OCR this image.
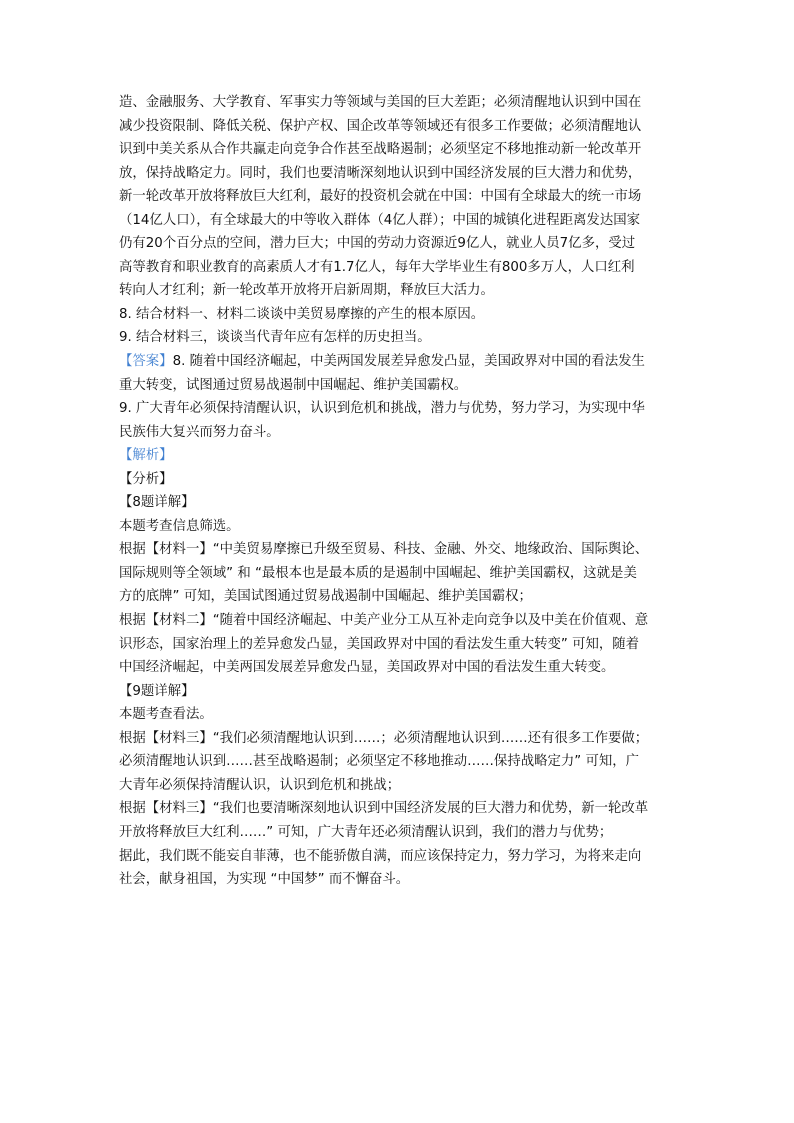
造、金融服务、大学教育、军事实力等领域与美国的巨大差距；必须清醒地认识到中国在
减少投资限制、降低关税、保护产权、国企改革等领域还有很多工作要做；必须清醒地认
识到中美关系从合作共赢走向竞争合作甚至战略遏制；必须坚定不移地推动新一轮改革开
放，保持战略定力。同时，我们也要清晰深刻地认识到中国经济发展的巨大潜力和优势，
新一轮改革开放将释放巨大红利，最好的投资机会就在中国：中国有全球最大的统一市场
（14亿人口），有全球最大的中等收入群体（4亿人群）；中国的城镇化进程距离发达国家
仍有20个百分点的空间，潜力巨大；中国的劳动力资源近9亿人，就业人员7亿多，受过
高等教育和职业教育的高素质人才有1.7亿人，每年大学毕业生有800多万人，人口红利
转向人才红利；新一轮改革开放将开启新周期，释放巨大活力。
8. 结合材料一、材料二谈谈中美贸易摩擦的产生的根本原因。
9. 结合材料三，谈谈当代青年应有怎样的历史担当。
【答案】8. 随着中国经济崛起，中美两国发展差异愈发凸显，美国政界对中国的看法发生
重大转变，试图通过贸易战遏制中国崛起、维护美国霸权。
9. 广大青年必须保持清醒认识，认识到危机和挑战，潜力与优势，努力学习，为实现中华
民族伟大复兴而努力奋斗。
【解析】
【分析】
【8题详解】
本题考查信息筛选。
根据【材料一】“中美贸易摩擦已升级至贸易、科技、金融、外交、地缘政治、国际舆论、
国际规则等全领域” 和 “最根本也是最本质的是遏制中国崛起、维护美国霸权，这就是美
方的底牌” 可知，美国试图通过贸易战遏制中国崛起、维护美国霸权；
根据【材料二】“随着中国经济崛起、中美产业分工从互补走向竞争以及中美在价值观、意
识形态，国家治理上的差异愈发凸显，美国政界对中国的看法发生重大转变” 可知，随着
中国经济崛起，中美两国发展差异愈发凸显，美国政界对中国的看法发生重大转变。
【9题详解】
本题考查看法。
根据【材料三】“我们必须清醒地认识到……；必须清醒地认识到……还有很多工作要做；
必须清醒地认识到……甚至战略遏制；必须坚定不移地推动……保持战略定力” 可知，广
大青年必须保持清醒认识，认识到危机和挑战；
根据【材料三】“我们也要清晰深刻地认识到中国经济发展的巨大潜力和优势，新一轮改革
开放将释放巨大红利……” 可知，广大青年还必须清醒认识到，我们的潜力与优势；
据此，我们既不能妄自菲薄，也不能骄傲自满，而应该保持定力，努力学习，为将来走向
社会，献身祖国，为实现 “中国梦” 而不懈奋斗。
